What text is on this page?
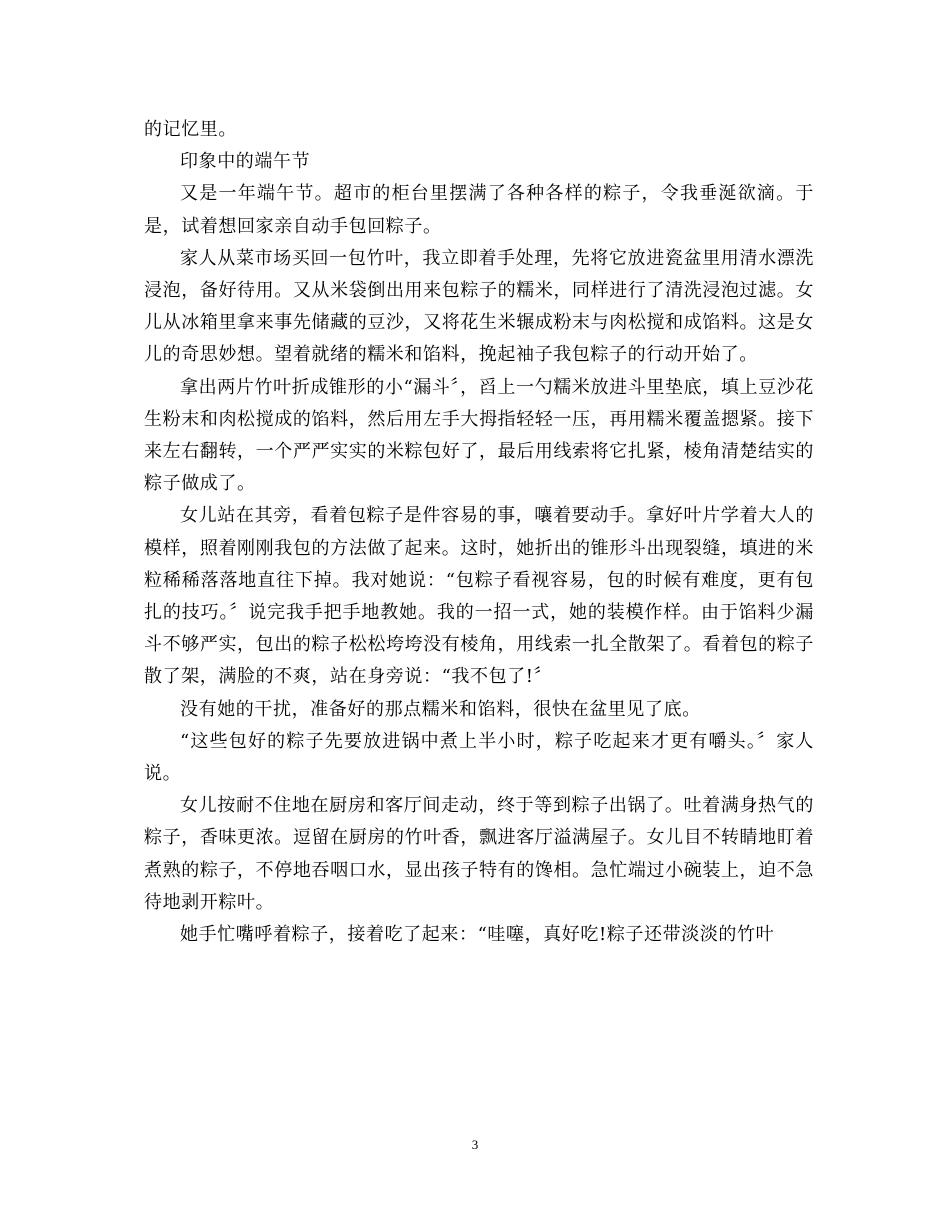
的记忆里。

印象中的端午节

又是一年端午节。超市的柜台里摆满了各种各样的粽子，令我垂涎欲滴。于是，试着想回家亲自动手包回粽子。

家人从菜市场买回一包竹叶，我立即着手处理，先将它放进瓷盆里用清水漂洗浸泡，备好待用。又从米袋倒出用来包粽子的糯米，同样进行了清洗浸泡过滤。女儿从冰箱里拿来事先储藏的豆沙，又将花生米辗成粉末与肉松搅和成馅料。这是女儿的奇思妙想。望着就绪的糯米和馅料，挽起袖子我包粽子的行动开始了。

拿出两片竹叶折成锥形的小“漏斗〞，舀上一勺糯米放进斗里垫底，填上豆沙花生粉末和肉松搅成的馅料，然后用左手大拇指轻轻一压，再用糯米覆盖摁紧。接下来左右翻转，一个严严实实的米粽包好了，最后用线索将它扎紧，棱角清楚结实的粽子做成了。

女儿站在其旁，看着包粽子是件容易的事，嚷着要动手。拿好叶片学着大人的模样，照着刚刚我包的方法做了起来。这时，她折出的锥形斗出现裂缝，填进的米粒稀稀落落地直往下掉。我对她说：“包粽子看视容易，包的时候有难度，更有包扎的技巧。〞说完我手把手地教她。我的一招一式，她的装模作样。由于馅料少漏斗不够严实，包出的粽子松松垮垮没有棱角，用线索一扎全散架了。看着包的粽子散了架，满脸的不爽，站在身旁说：“我不包了!〞

没有她的干扰，准备好的那点糯米和馅料，很快在盆里见了底。

“这些包好的粽子先要放进锅中煮上半小时，粽子吃起来才更有嚼头。〞家人说。

女儿按耐不住地在厨房和客厅间走动，终于等到粽子出锅了。吐着满身热气的粽子，香味更浓。逗留在厨房的竹叶香，飘进客厅溢满屋子。女儿目不转睛地盯着煮熟的粽子，不停地吞咽口水，显出孩子特有的馋相。急忙端过小碗装上，迫不急待地剥开粽叶。

她手忙嘴呼着粽子，接着吃了起来：“哇噻，真好吃!粽子还带淡淡的竹叶

3
